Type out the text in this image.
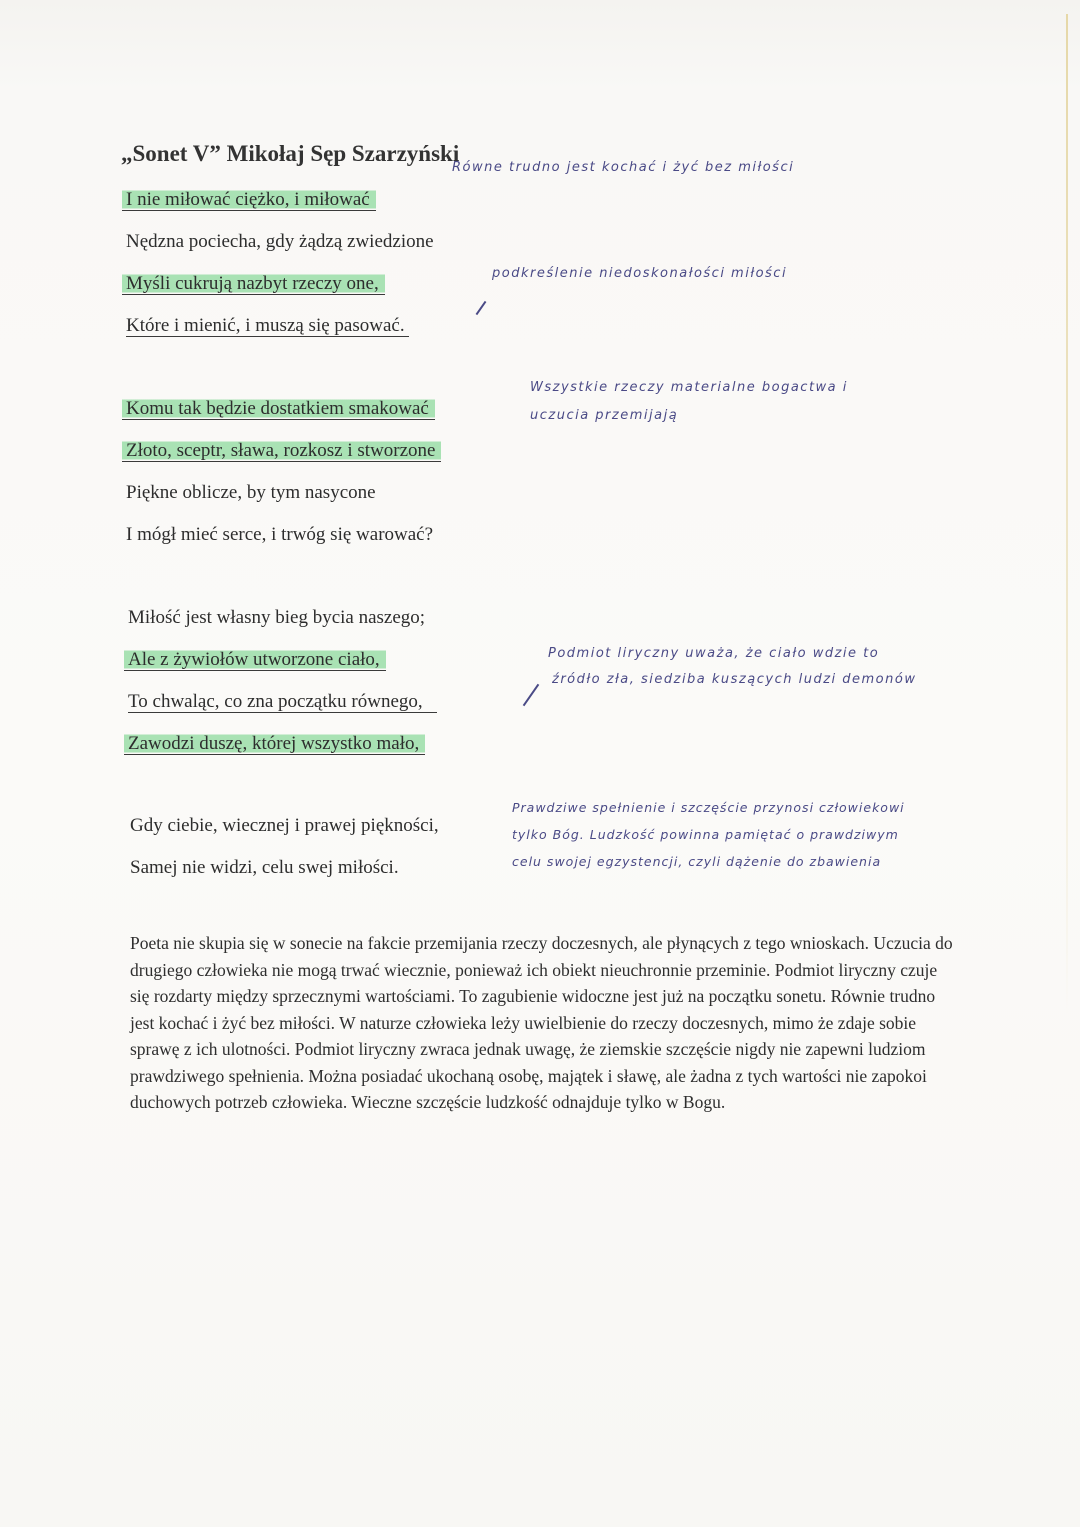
„Sonet V” Mikołaj Sęp Szarzyński
I nie miłować ciężko, i miłować
Nędzna pociecha, gdy żądzą zwiedzione
Myśli cukrują nazbyt rzeczy one,
Które i mienić, i muszą się pasować.
Komu tak będzie dostatkiem smakować
Złoto, sceptr, sława, rozkosz i stworzone
Piękne oblicze, by tym nasycone
I mógł mieć serce, i trwóg się warować?
Miłość jest własny bieg bycia naszego;
Ale z żywiołów utworzone ciało,
To chwaląc, co zna początku równego,
Zawodzi duszę, której wszystko mało,
Gdy ciebie, wiecznej i prawej piękności,
Samej nie widzi, celu swej miłości.
Równe trudno jest kochać i żyć bez miłości
podkreślenie niedoskonałości miłości
Wszystkie rzeczy materialne bogactwa i
uczucia przemijają
Podmiot liryczny uważa, że ciało wdzie to
źródło zła, siedziba kuszących ludzi demonów
Prawdziwe spełnienie i szczęście przynosi człowiekowi
tylko Bóg. Ludzkość powinna pamiętać o prawdziwym
celu swojej egzystencji, czyli dążenie do zbawienia
Poeta nie skupia się w sonecie na fakcie przemijania rzeczy doczesnych, ale płynących z tego wnioskach. Uczucia do drugiego człowieka nie mogą trwać wiecznie, ponieważ ich obiekt nieuchronnie przeminie. Podmiot liryczny czuje się rozdarty między sprzecznymi wartościami. To zagubienie widoczne jest już na początku sonetu. Równie trudno jest kochać i żyć bez miłości. W naturze człowieka leży uwielbienie do rzeczy doczesnych, mimo że zdaje sobie sprawę z ich ulotności. Podmiot liryczny zwraca jednak uwagę, że ziemskie szczęście nigdy nie zapewni ludziom prawdziwego spełnienia. Można posiadać ukochaną osobę, majątek i sławę, ale żadna z tych wartości nie zapokoi duchowych potrzeb człowieka. Wieczne szczęście ludzkość odnajduje tylko w Bogu.
